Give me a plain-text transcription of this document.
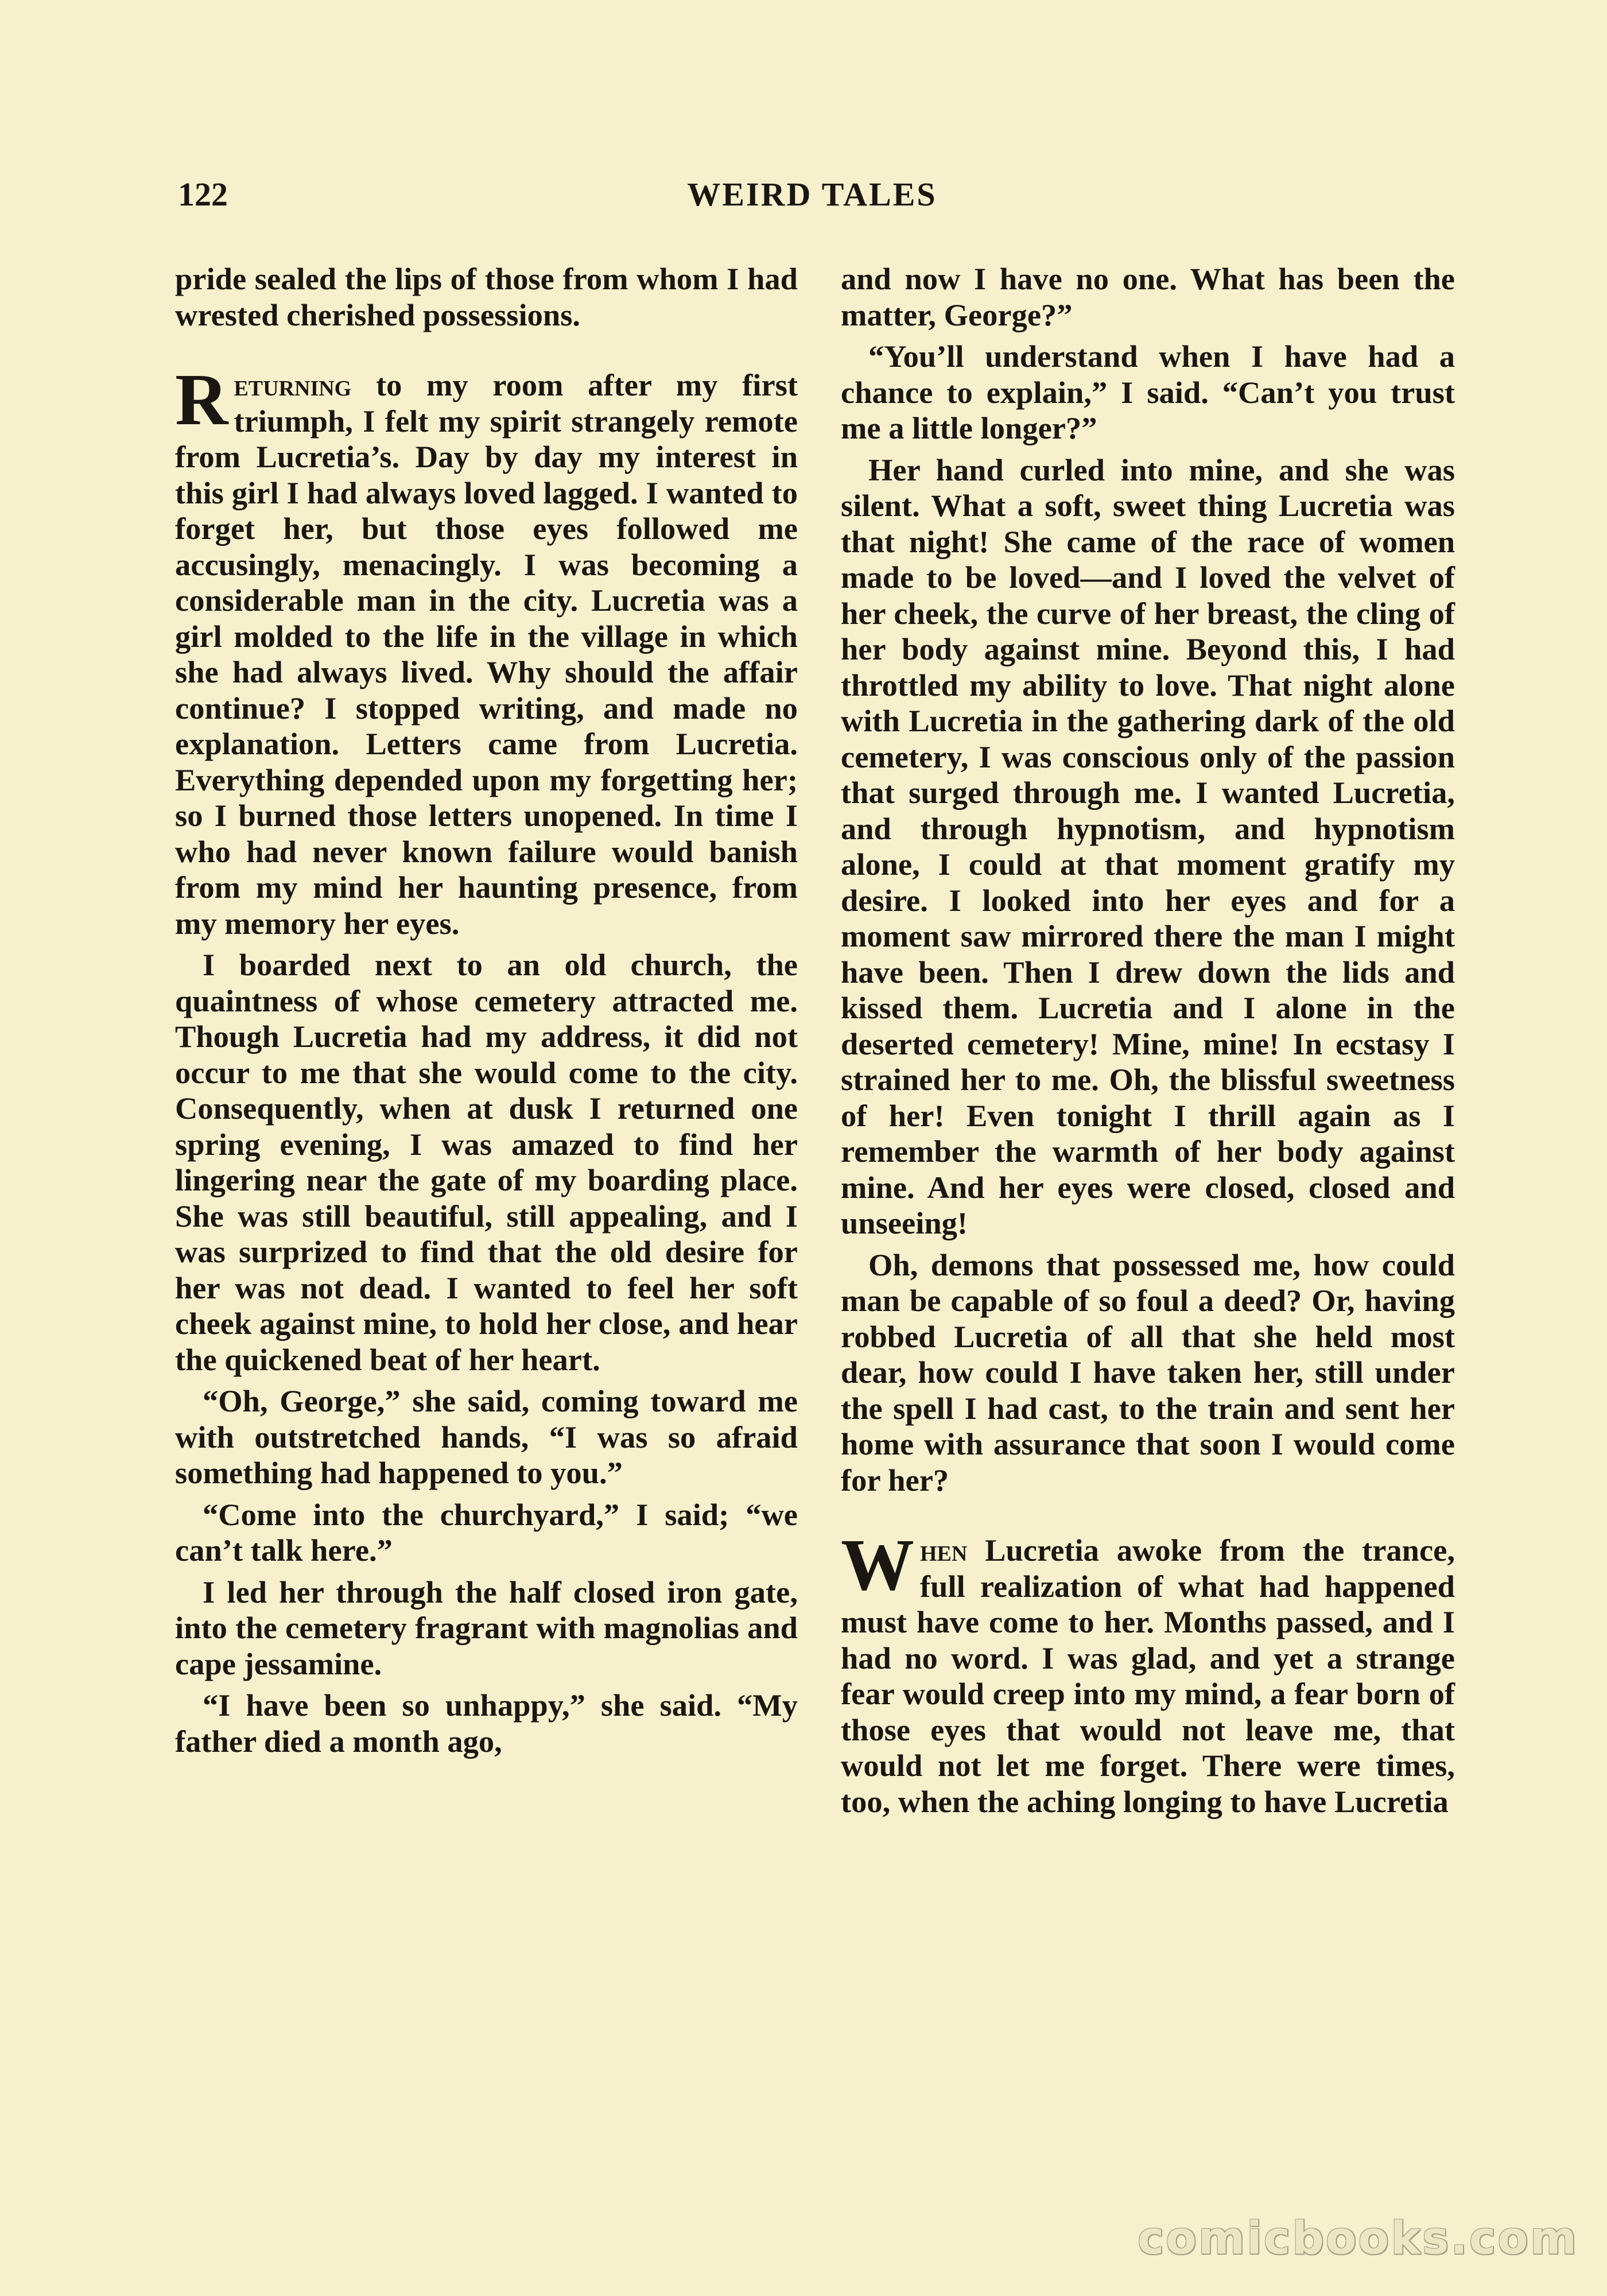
122	WEIRD TALES

pride sealed the lips of those from whom I had wrested cherished possessions.

Returning to my room after my first triumph, I felt my spirit strangely remote from Lucretia’s. Day by day my interest in this girl I had always loved lagged. I wanted to forget her, but those eyes followed me accusingly, menacingly. I was becoming a considerable man in the city. Lucretia was a girl molded to the life in the village in which she had always lived. Why should the affair continue? I stopped writing, and made no explanation. Letters came from Lucretia. Everything depended upon my forgetting her; so I burned those letters unopened. In time I who had never known failure would banish from my mind her haunting presence, from my memory her eyes.

I boarded next to an old church, the quaintness of whose cemetery attracted me. Though Lucretia had my address, it did not occur to me that she would come to the city. Consequently, when at dusk I returned one spring evening, I was amazed to find her lingering near the gate of my boarding place. She was still beautiful, still appealing, and I was surprized to find that the old desire for her was not dead. I wanted to feel her soft cheek against mine, to hold her close, and hear the quickened beat of her heart.

“Oh, George,” she said, coming toward me with outstretched hands, “I was so afraid something had happened to you.”

“Come into the churchyard,” I said; “we can’t talk here.”

I led her through the half closed iron gate, into the cemetery fragrant with magnolias and cape jessamine.

“I have been so unhappy,” she said. “My father died a month ago,

and now I have no one. What has been the matter, George?”

“You’ll understand when I have had a chance to explain,” I said. “Can’t you trust me a little longer?”

Her hand curled into mine, and she was silent. What a soft, sweet thing Lucretia was that night! She came of the race of women made to be loved—and I loved the velvet of her cheek, the curve of her breast, the cling of her body against mine. Beyond this, I had throttled my ability to love. That night alone with Lucretia in the gathering dark of the old cemetery, I was conscious only of the passion that surged through me. I wanted Lucretia, and through hypnotism, and hypnotism alone, I could at that moment gratify my desire. I looked into her eyes and for a moment saw mirrored there the man I might have been. Then I drew down the lids and kissed them. Lucretia and I alone in the deserted cemetery! Mine, mine! In ecstasy I strained her to me. Oh, the blissful sweetness of her! Even tonight I thrill again as I remember the warmth of her body against mine. And her eyes were closed, closed and unseeing!

Oh, demons that possessed me, how could man be capable of so foul a deed? Or, having robbed Lucretia of all that she held most dear, how could I have taken her, still under the spell I had cast, to the train and sent her home with assurance that soon I would come for her?

When Lucretia awoke from the trance, full realization of what had happened must have come to her. Months passed, and I had no word. I was glad, and yet a strange fear would creep into my mind, a fear born of those eyes that would not leave me, that would not let me forget. There were times, too, when the aching longing to have Lucretia

comicbooks.com
